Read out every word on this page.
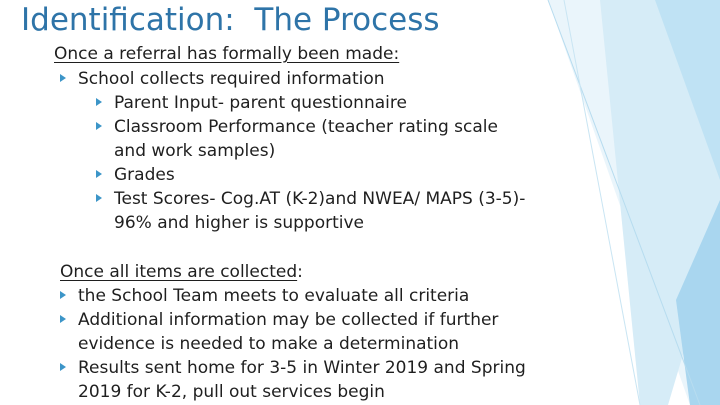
Identification:  The Process
Once a referral has formally been made:
School collects required information
Parent Input- parent questionnaire
Classroom Performance (teacher rating scale
and work samples)
Grades
Test Scores- Cog.AT (K-2)and NWEA/ MAPS (3-5)-
96% and higher is supportive
Once all items are collected:
the School Team meets to evaluate all criteria
Additional information may be collected if further
evidence is needed to make a determination
Results sent home for 3-5 in Winter 2019 and Spring
2019 for K-2, pull out services begin
